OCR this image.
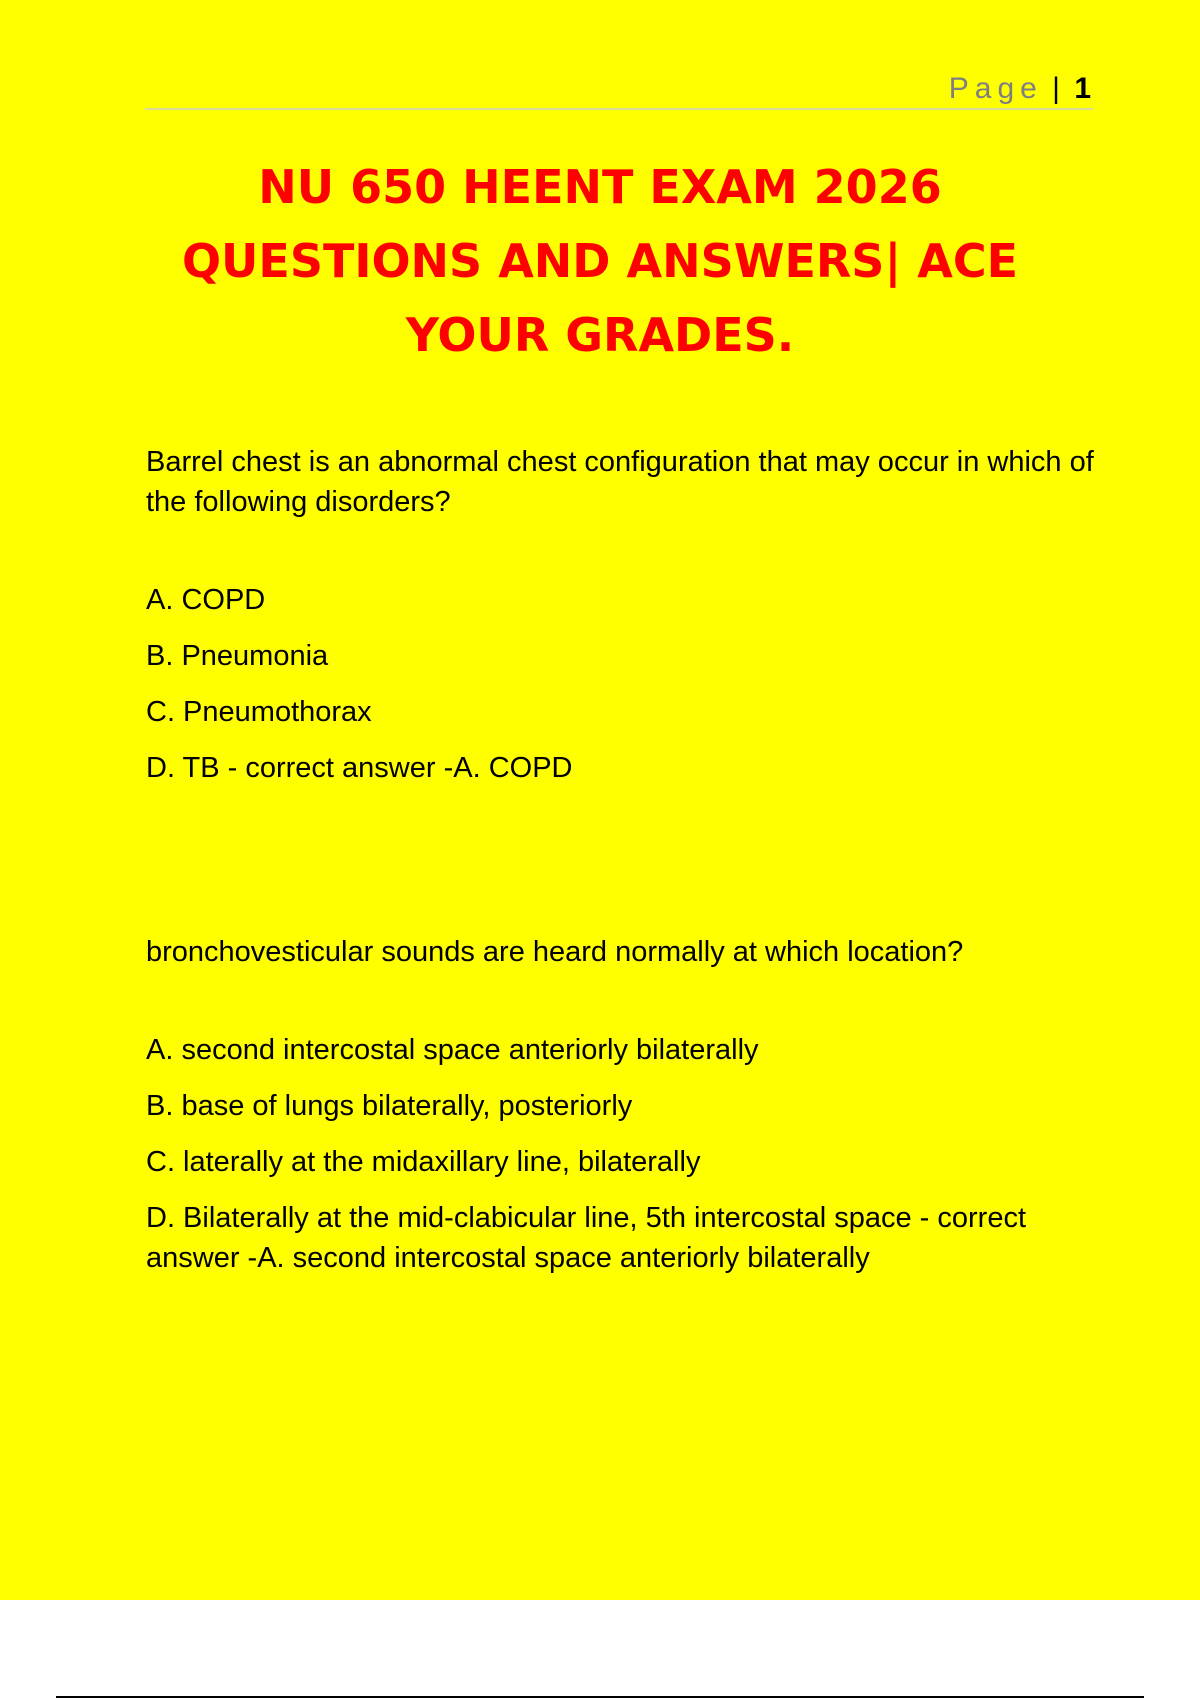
Page | 1
NU 650 HEENT EXAM 2026
QUESTIONS AND ANSWERS| ACE
YOUR GRADES.

Barrel chest is an abnormal chest configuration that may occur in which of the following disorders?

A. COPD

B. Pneumonia

C. Pneumothorax

D. TB - correct answer -A. COPD

bronchovesticular sounds are heard normally at which location?

A. second intercostal space anteriorly bilaterally

B. base of lungs bilaterally, posteriorly

C. laterally at the midaxillary line, bilaterally

D. Bilaterally at the mid-clabicular line, 5th intercostal space - correct answer -A. second intercostal space anteriorly bilaterally
